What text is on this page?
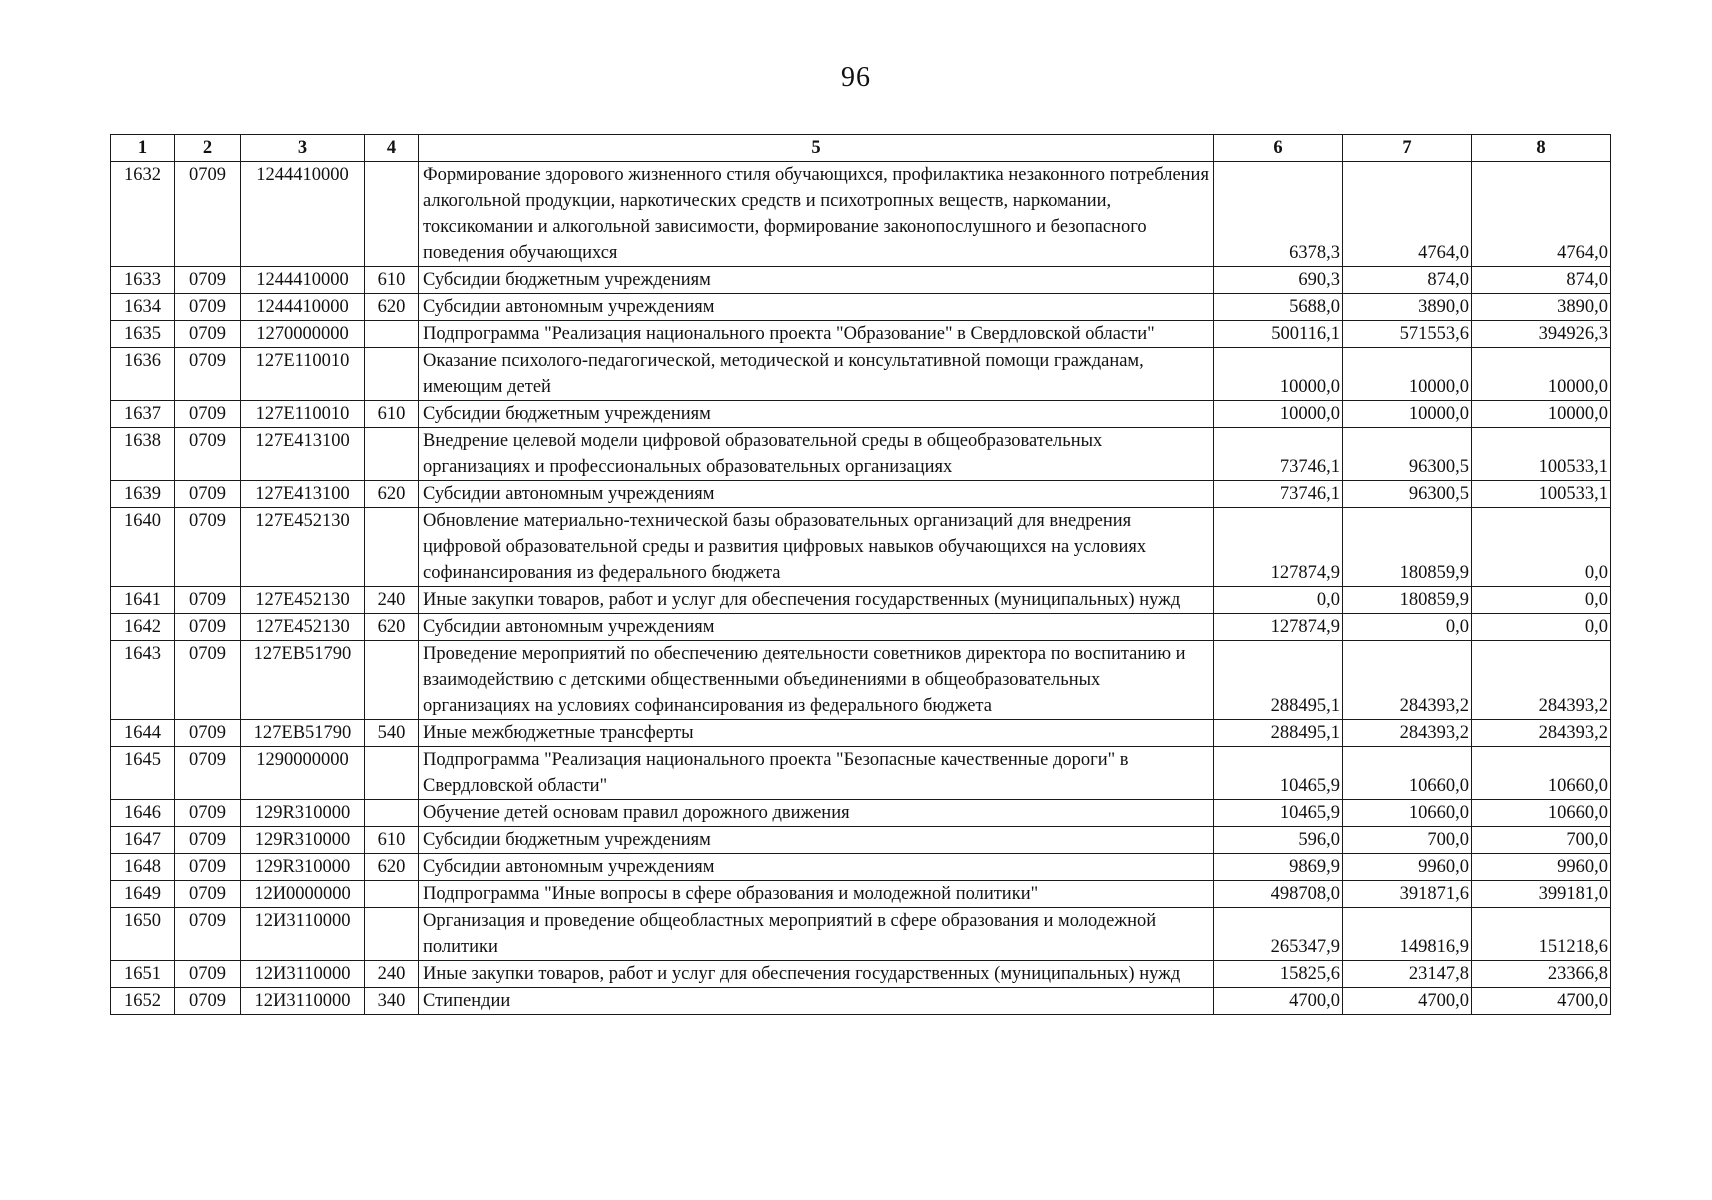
96
1	2	3	4	5	6	7	8
1632	0709	1244410000		Формирование здорового жизненного стиля обучающихся, профилактика незаконного потребления алкогольной продукции, наркотических средств и психотропных веществ, наркомании, токсикомании и алкогольной зависимости, формирование законопослушного и безопасного поведения обучающихся	6378,3	4764,0	4764,0
1633	0709	1244410000	610	Субсидии бюджетным учреждениям	690,3	874,0	874,0
1634	0709	1244410000	620	Субсидии автономным учреждениям	5688,0	3890,0	3890,0
1635	0709	1270000000		Подпрограмма "Реализация национального проекта "Образование" в Свердловской области"	500116,1	571553,6	394926,3
1636	0709	127Е110010		Оказание психолого-педагогической, методической и консультативной помощи гражданам, имеющим детей	10000,0	10000,0	10000,0
1637	0709	127Е110010	610	Субсидии бюджетным учреждениям	10000,0	10000,0	10000,0
1638	0709	127Е413100		Внедрение целевой модели цифровой образовательной среды в общеобразовательных организациях и профессиональных образовательных организациях	73746,1	96300,5	100533,1
1639	0709	127Е413100	620	Субсидии автономным учреждениям	73746,1	96300,5	100533,1
1640	0709	127Е452130		Обновление материально-технической базы образовательных организаций для внедрения цифровой образовательной среды и развития цифровых навыков обучающихся на условиях софинансирования из федерального бюджета	127874,9	180859,9	0,0
1641	0709	127Е452130	240	Иные закупки товаров, работ и услуг для обеспечения государственных (муниципальных) нужд	0,0	180859,9	0,0
1642	0709	127Е452130	620	Субсидии автономным учреждениям	127874,9	0,0	0,0
1643	0709	127ЕВ51790		Проведение мероприятий по обеспечению деятельности советников директора по воспитанию и взаимодействию с детскими общественными объединениями в общеобразовательных организациях на условиях софинансирования из федерального бюджета	288495,1	284393,2	284393,2
1644	0709	127ЕВ51790	540	Иные межбюджетные трансферты	288495,1	284393,2	284393,2
1645	0709	1290000000		Подпрограмма "Реализация национального проекта "Безопасные качественные дороги" в Свердловской области"	10465,9	10660,0	10660,0
1646	0709	129R310000		Обучение детей основам правил дорожного движения	10465,9	10660,0	10660,0
1647	0709	129R310000	610	Субсидии бюджетным учреждениям	596,0	700,0	700,0
1648	0709	129R310000	620	Субсидии автономным учреждениям	9869,9	9960,0	9960,0
1649	0709	12И0000000		Подпрограмма "Иные вопросы в сфере образования и молодежной политики"	498708,0	391871,6	399181,0
1650	0709	12И3110000		Организация и проведение общеобластных мероприятий в сфере образования и молодежной политики	265347,9	149816,9	151218,6
1651	0709	12И3110000	240	Иные закупки товаров, работ и услуг для обеспечения государственных (муниципальных) нужд	15825,6	23147,8	23366,8
1652	0709	12И3110000	340	Стипендии	4700,0	4700,0	4700,0
